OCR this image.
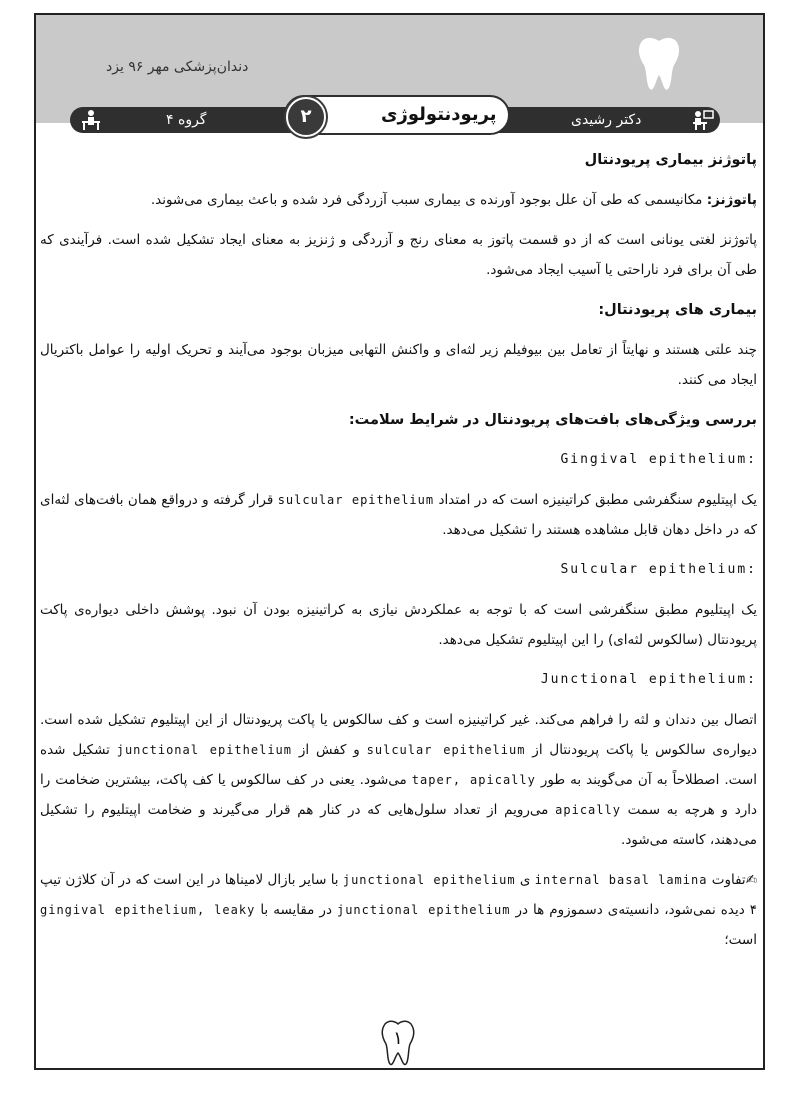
دندان‌پزشکی مهر ۹۶ یزد
گروه ۴	دکتر رشیدی
۲	پریودنتولوژی

پاتوژنز بیماری پریودنتال

پاتوژنز: مکانیسمی که طی آن علل بوجود آورنده ی بیماری سبب آزردگی فرد شده و باعث بیماری می‌شوند.

پاتوژنز لغتی یونانی است که از دو قسمت پاتوز به معنای رنج و آزردگی و ژنزیز به معنای ایجاد تشکیل شده است. فرآیندی که طی آن برای فرد ناراحتی یا آسیب ایجاد می‌شود.

بیماری های پریودنتال:

چند علتی هستند و نهایتاً از تعامل بین بیوفیلم زیر لثه‌ای و واکنش التهابی میزبان بوجود می‌آیند و تحریک اولیه را عوامل باکتریال ایجاد می کنند.

بررسی ویژگی‌های بافت‌های پریودنتال در شرایط سلامت:

Gingival epithelium:

یک اپیتلیوم سنگفرشی مطبق کراتینیزه است که در امتداد sulcular epithelium قرار گرفته و درواقع همان بافت‌های لثه‌ای که در داخل دهان قابل مشاهده هستند را تشکیل می‌دهد.

Sulcular epithelium:

یک اپیتلیوم مطبق سنگفرشی است که با توجه به عملکردش نیازی به کراتینیزه بودن آن نبود. پوشش داخلی دیواره‌ی پاکت پریودنتال (سالکوس لثه‌ای) را این اپیتلیوم تشکیل می‌دهد.

Junctional epithelium:

اتصال بین دندان و لثه را فراهم می‌کند. غیر کراتینیزه است و کف سالکوس یا پاکت پریودنتال از این اپیتلیوم تشکیل شده است. دیواره‌ی سالکوس یا پاکت پریودنتال از sulcular epithelium و کفش از junctional epithelium تشکیل شده است. اصطلاحاً به آن می‌گویند به طور taper, apically می‌شود. یعنی در کف سالکوس یا کف پاکت، بیشترین ضخامت را دارد و هرچه به سمت apically می‌رویم از تعداد سلول‌هایی که در کنار هم قرار می‌گیرند و ضخامت اپیتلیوم را تشکیل می‌دهند، کاسته می‌شود.

✍تفاوت internal basal lamina ی junctional epithelium با سایر بازال لامیناها در این است که در آن کلاژن تیپ ۴ دیده نمی‌شود، دانسیته‌ی دسموزوم ها در junctional epithelium در مقایسه با gingival epithelium, leaky است؛

۱
